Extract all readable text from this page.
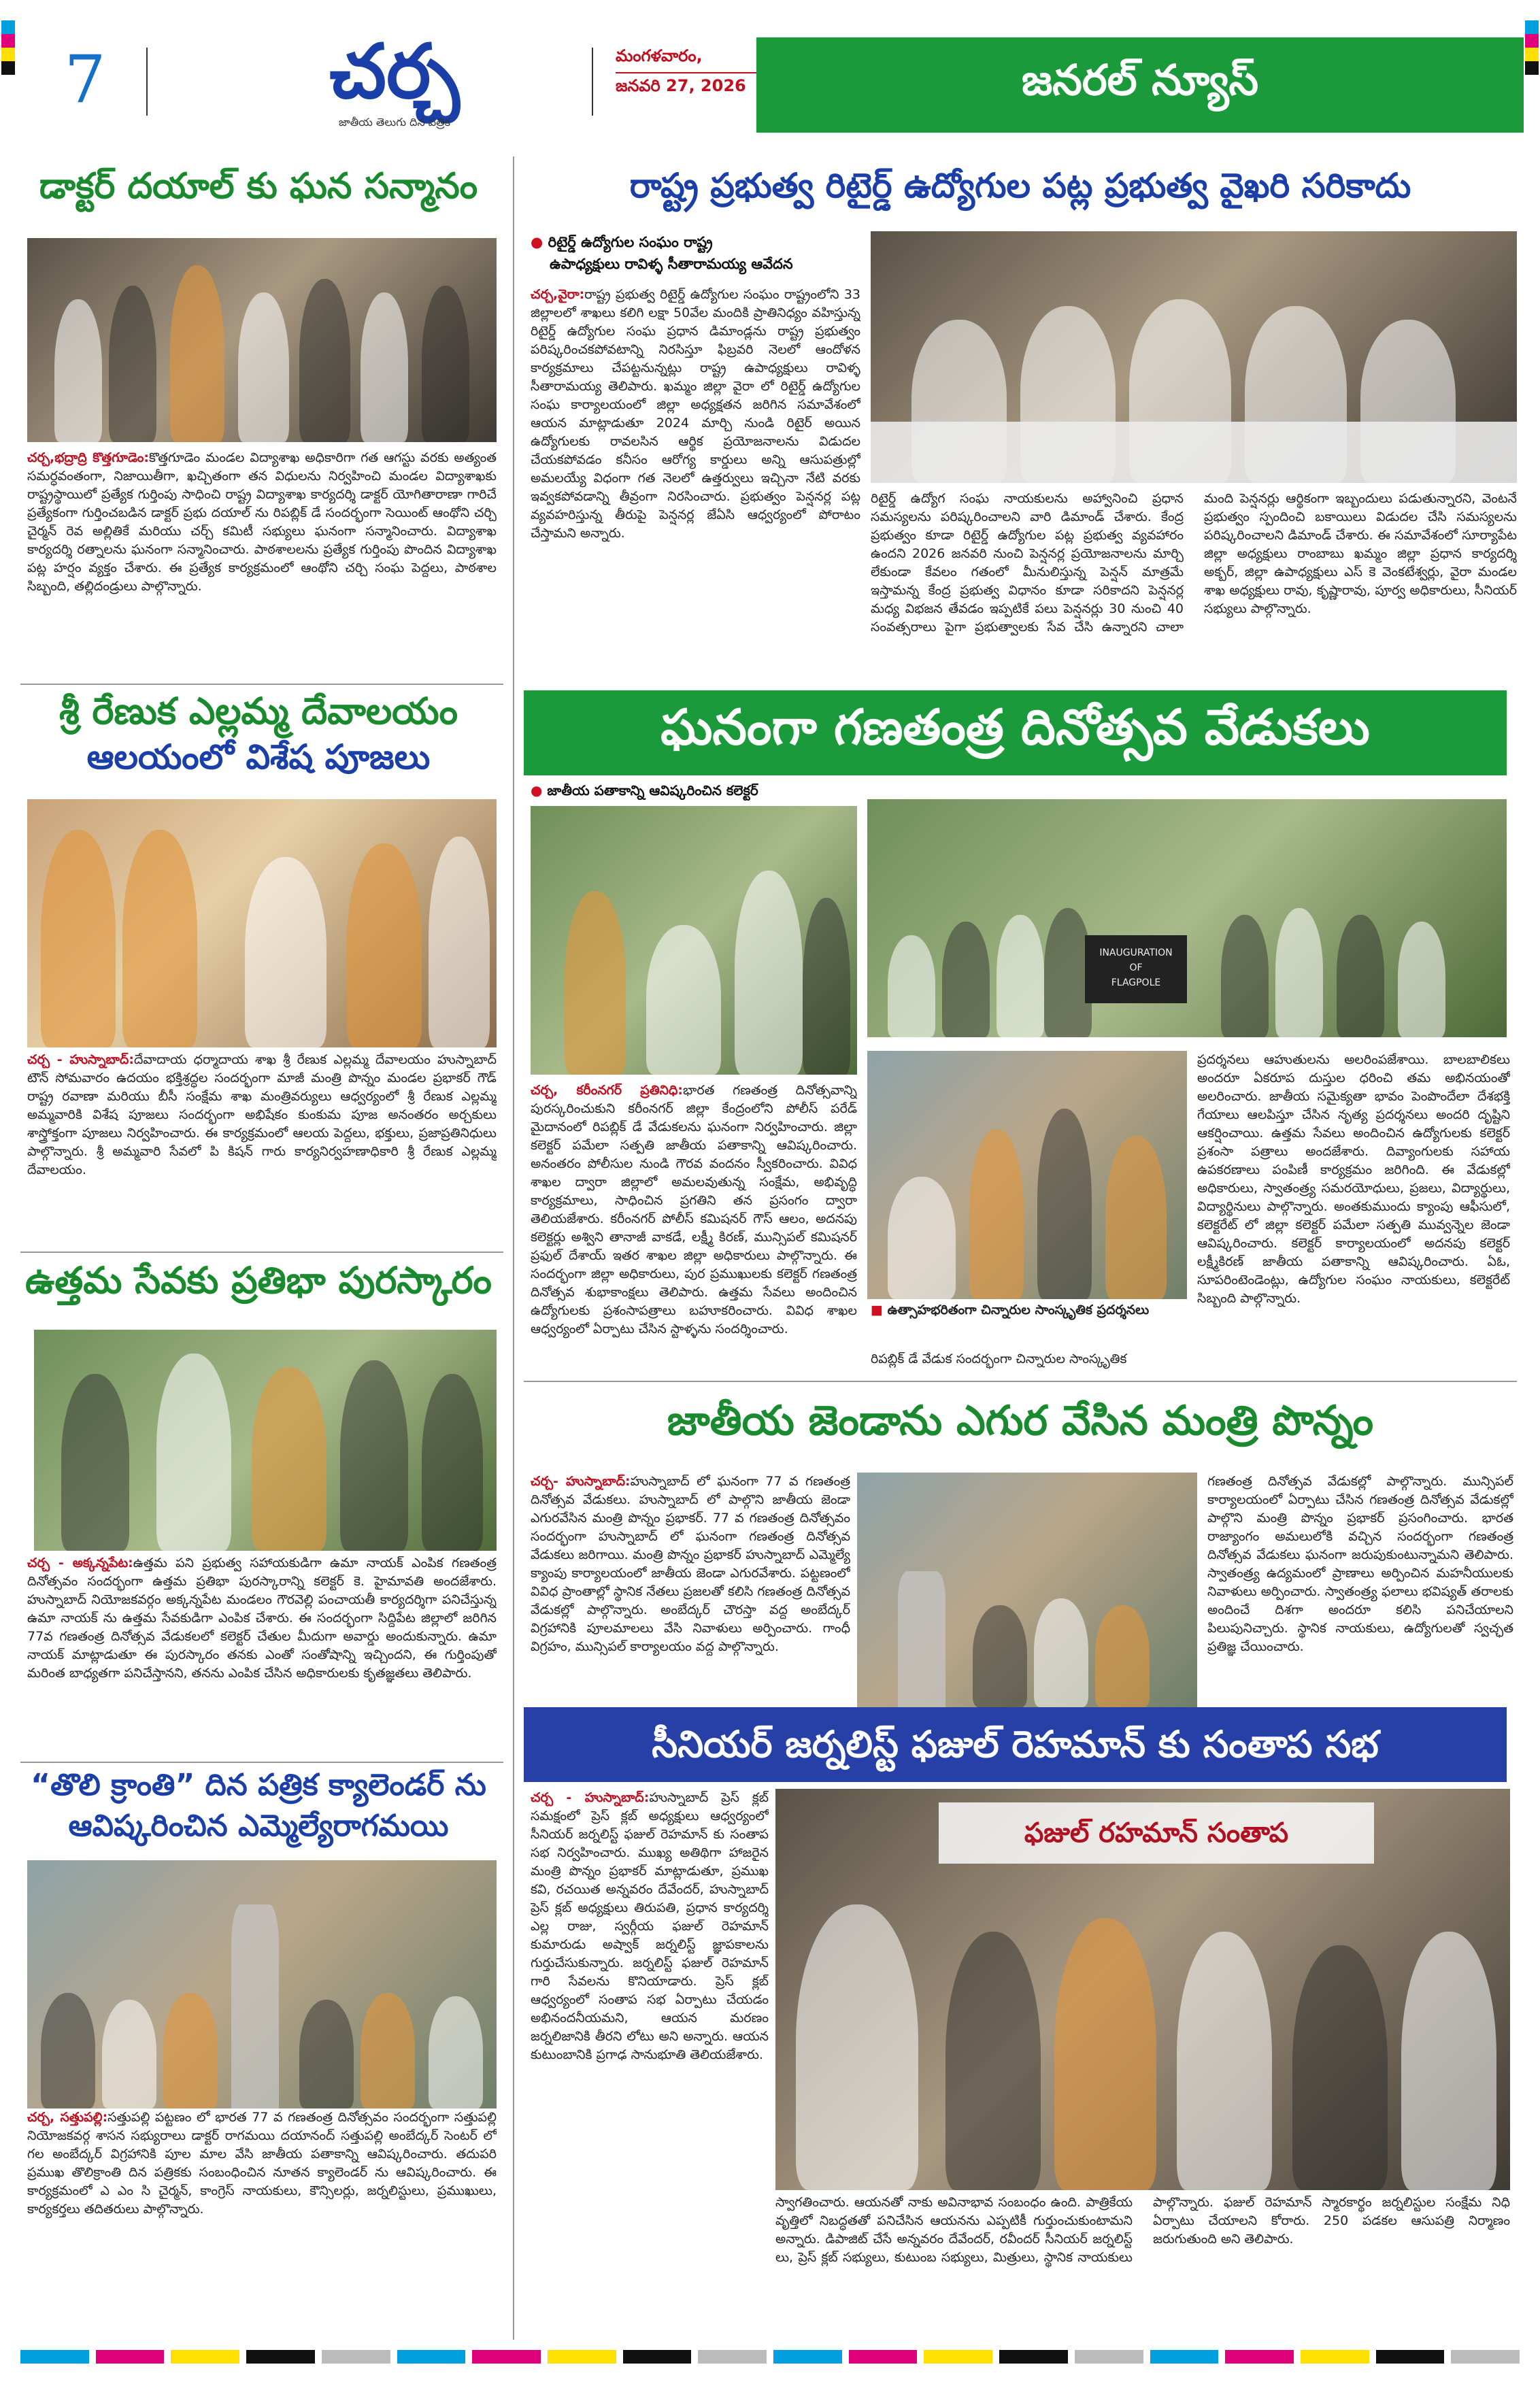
7	చర్చ
జాతీయ తెలుగు దిన పత్రిక
మంగళవారం,
జనవరి 27, 2026	జనరల్ న్యూస్
డాక్టర్ దయాల్ కు ఘన సన్మానం
చర్చ,భద్రాద్రి కొత్తగూడెం:కొత్తగూడెం మండల విద్యాశాఖ అధికారిగా గత ఆగస్టు వరకు అత్యంత సమర్ధవంతంగా, నిజాయితీగా, ఖచ్చితంగా తన విధులను నిర్వహించి మండల విద్యాశాఖకు రాష్ట్రస్థాయిలో ప్రత్యేక గుర్తింపు సాధించి రాష్ట్ర విద్యాశాఖ కార్యదర్శి డాక్టర్ యోగితారాణా గారిచే ప్రత్యేకంగా గుర్తించబడిన డాక్టర్ ప్రభు దయాల్ ను రిపబ్లిక్ డే సందర్భంగా సెయింట్ ఆంథోని చర్చి చైర్మన్ రెవ అల్లితికే మరియు చర్చ్ కమిటీ సభ్యులు ఘనంగా సన్మానించారు. విద్యాశాఖ కార్యదర్శి రత్నాలను ఘనంగా సన్మానించారు. పాఠశాలలను ప్రత్యేక గుర్తింపు పొందిన విద్యాశాఖ పట్ల హర్షం వ్యక్తం చేశారు. ఈ ప్రత్యేక కార్యక్రమంలో ఆంథోని చర్చి సంఘ పెద్దలు, పాఠశాల సిబ్బంది, తల్లిదండ్రులు పాల్గొన్నారు.
శ్రీ రేణుక ఎల్లమ్మ దేవాలయం
ఆలయంలో విశేష పూజలు
చర్చ - హుస్నాబాద్:దేవాదాయ ధర్మాదాయ శాఖ శ్రీ రేణుక ఎల్లమ్మ దేవాలయం హుస్నాబాద్ టౌన్ సోమవారం ఉదయం భక్తిశ్రద్ధల సందర్భంగా మాజీ మంత్రి పొన్నం మండల ప్రభాకర్ గౌడ్ రాష్ట్ర రవాణా మరియు బీసీ సంక్షేమ శాఖ మంత్రివర్యులు ఆధ్వర్యంలో శ్రీ రేణుక ఎల్లమ్మ అమ్మవారికి విశేష పూజలు సందర్భంగా అభిషేకం కుంకుమ పూజ అనంతరం అర్చకులు శాస్త్రోక్తంగా పూజలు నిర్వహించారు. ఈ కార్యక్రమంలో ఆలయ పెద్దలు, భక్తులు, ప్రజాప్రతినిధులు పాల్గొన్నారు. శ్రీ అమ్మవారి సేవలో పి కిషన్ గారు కార్యనిర్వహణాధికారి శ్రీ రేణుక ఎల్లమ్మ దేవాలయం.
ఉత్తమ సేవకు ప్రతిభా పురస్కారం
చర్చ - అక్కన్నపేట:ఉత్తమ పని ప్రభుత్వ సహాయకుడిగా ఉమా నాయక్ ఎంపిక గణతంత్ర దినోత్సవం సందర్భంగా ఉత్తమ ప్రతిభా పురస్కారాన్ని కలెక్టర్ కె. హైమావతి అందజేశారు. హుస్నాబాద్ నియోజకవర్గం అక్కన్నపేట మండలం గౌరవెల్లి పంచాయతీ కార్యదర్శిగా పనిచేస్తున్న ఉమా నాయక్ ను ఉత్తమ సేవకుడిగా ఎంపిక చేశారు. ఈ సందర్భంగా సిద్దిపేట జిల్లాలో జరిగిన 77వ గణతంత్ర దినోత్సవ వేడుకలలో కలెక్టర్ చేతుల మీదుగా అవార్డు అందుకున్నారు. ఉమా నాయక్ మాట్లాడుతూ ఈ పురస్కారం తనకు ఎంతో సంతోషాన్ని ఇచ్చిందని, ఈ గుర్తింపుతో మరింత బాధ్యతగా పనిచేస్తానని, తనను ఎంపిక చేసిన అధికారులకు కృతజ్ఞతలు తెలిపారు.
“తొలి క్రాంతి” దిన పత్రిక క్యాలెండర్ ను
ఆవిష్కరించిన ఎమ్మెల్యేరాగమయి
చర్చ, సత్తుపల్లి:సత్తుపల్లి పట్టణం లో భారత 77 వ గణతంత్ర దినోత్సవం సందర్భంగా సత్తుపల్లి నియోజకవర్గ శాసన సభ్యురాలు డాక్టర్ రాగమయి దయానంద్ సత్తుపల్లి అంబేద్కర్ సెంటర్ లో గల అంబేద్కర్ విగ్రహానికి పూల మాల వేసి జాతీయ పతాకాన్ని ఆవిష్కరించారు. తదుపరి ప్రముఖ తొలిక్రాంతి దిన పత్రికకు సంబంధించిన నూతన క్యాలెండర్ ను ఆవిష్కరించారు. ఈ కార్యక్రమంలో ఎ ఎం సి చైర్మన్, కాంగ్రెస్ నాయకులు, కౌన్సిలర్లు, జర్నలిస్టులు, ప్రముఖులు, కార్యకర్తలు తదితరులు పాల్గొన్నారు.
రాష్ట్ర ప్రభుత్వ రిటైర్డ్ ఉద్యోగుల పట్ల ప్రభుత్వ వైఖరి సరికాదు
● రిటైర్డ్ ఉద్యోగుల సంఘం రాష్ట్ర
ఉపాధ్యక్షులు రావిళ్ళ సీతారామయ్య ఆవేదన
చర్చ,వైరా:రాష్ట్ర ప్రభుత్వ రిటైర్డ్ ఉద్యోగుల సంఘం రాష్ట్రంలోని 33 జిల్లాలలో శాఖలు కలిగి లక్షా 50వేల మందికి ప్రాతినిధ్యం వహిస్తున్న రిటైర్డ్ ఉద్యోగుల సంఘ ప్రధాన డిమాండ్లను రాష్ట్ర ప్రభుత్వం పరిష్కరించకపోవటాన్ని నిరసిస్తూ ఫిబ్రవరి నెలలో ఆందోళన కార్యక్రమాలు చేపట్టనున్నట్లు రాష్ట్ర ఉపాధ్యక్షులు రావిళ్ళ సీతారామయ్య తెలిపారు. ఖమ్మం జిల్లా వైరా లో రిటైర్డ్ ఉద్యోగుల సంఘ కార్యాలయంలో జిల్లా అధ్యక్షతన జరిగిన సమావేశంలో ఆయన మాట్లాడుతూ 2024 మార్చి నుండి రిటైర్ అయిన ఉద్యోగులకు రావలసిన ఆర్థిక ప్రయోజనాలను విడుదల చేయకపోవడం కనీసం ఆరోగ్య కార్డులు అన్ని ఆసుపత్రుల్లో అమలయ్యే విధంగా గత నెలలో ఉత్తర్వులు ఇచ్చినా నేటి వరకు ఇవ్వకపోవడాన్ని తీవ్రంగా నిరసించారు. ప్రభుత్వం పెన్షనర్ల పట్ల వ్యవహరిస్తున్న తీరుపై పెన్షనర్ల జేఏసి ఆధ్వర్యంలో పోరాటం చేస్తామని అన్నారు.
రిటైర్డ్ ఉద్యోగ సంఘ నాయకులను అహ్వానించి ప్రధాన సమస్యలను పరిష్కరించాలని వారి డిమాండ్ చేశారు. కేంద్ర ప్రభుత్వం కూడా రిటైర్డ్ ఉద్యోగుల పట్ల ప్రభుత్వ వ్యవహారం ఉందని 2026 జనవరి నుంచి పెన్షనర్ల ప్రయోజనాలను మార్చి లేకుండా కేవలం గతంలో మీనులిస్తున్న పెన్షన్ మాత్రమే ఇస్తామన్న కేంద్ర ప్రభుత్వ విధానం కూడా సరికాదని పెన్షనర్ల మధ్య విభజన తేవడం ఇప్పటికే పలు పెన్షనర్లు 30 నుంచి 40 సంవత్సరాలు పైగా ప్రభుత్వాలకు సేవ చేసి ఉన్నారని చాలా మంది పెన్షనర్లు ఆర్థికంగా ఇబ్బందులు పడుతున్నారని, వెంటనే ప్రభుత్వం స్పందించి బకాయిలు విడుదల చేసి సమస్యలను పరిష్కరించాలని డిమాండ్ చేశారు. ఈ సమావేశంలో సూర్యాపేట జిల్లా అధ్యక్షులు రాంబాబు ఖమ్మం జిల్లా ప్రధాన కార్యదర్శి అక్బర్, జిల్లా ఉపాధ్యక్షులు ఎస్ కె వెంకటేశ్వర్లు, వైరా మండల శాఖ అధ్యక్షులు రావు, కృష్ణారావు, పూర్వ అధికారులు, సీనియర్ సభ్యులు పాల్గొన్నారు.
ఘనంగా గణతంత్ర దినోత్సవ వేడుకలు
● జాతీయ పతాకాన్ని ఆవిష్కరించిన కలెక్టర్
INAUGURATION
OF
FLAGPOLE
■ ఉత్సాహభరితంగా చిన్నారుల సాంస్కృతిక ప్రదర్శనలు
చర్చ, కరీంనగర్ ప్రతినిధి:భారత గణతంత్ర దినోత్సవాన్ని పురస్కరించుకుని కరీంనగర్ జిల్లా కేంద్రంలోని పోలీస్ పరేడ్ మైదానంలో రిపబ్లిక్ డే వేడుకలను ఘనంగా నిర్వహించారు. జిల్లా కలెక్టర్ పమేలా సత్పతి జాతీయ పతాకాన్ని ఆవిష్కరించారు. అనంతరం పోలీసుల నుండి గౌరవ వందనం స్వీకరించారు. వివిధ శాఖల ద్వారా జిల్లాలో అమలవుతున్న సంక్షేమ, అభివృద్ధి కార్యక్రమాలు, సాధించిన ప్రగతిని తన ప్రసంగం ద్వారా తెలియజేశారు. కరీంనగర్ పోలీస్ కమిషనర్ గౌస్ ఆలం, అదనపు కలెక్టర్లు అశ్విని తానాజీ వాకడే, లక్ష్మీ కిరణ్, మున్సిపల్ కమిషనర్ ప్రఫుల్ దేశాయ్ ఇతర శాఖల జిల్లా అధికారులు పాల్గొన్నారు. ఈ సందర్భంగా జిల్లా అధికారులు, పుర ప్రముఖులకు కలెక్టర్ గణతంత్ర దినోత్సవ శుభాకాంక్షలు తెలిపారు. ఉత్తమ సేవలు అందించిన ఉద్యోగులకు ప్రశంసాపత్రాలు బహూకరించారు. వివిధ శాఖల ఆధ్వర్యంలో ఏర్పాటు చేసిన స్టాళ్ళను సందర్శించారు.
రిపబ్లిక్ డే వేడుక సందర్భంగా చిన్నారుల సాంస్కృతిక
ప్రదర్శనలు ఆహుతులను అలరింపజేశాయి. బాలబాలికలు అందరూ ఏకరూప దుస్తుల ధరించి తమ అభినయంతో అలరించారు. జాతీయ సమైక్యతా భావం పెంపొందేలా దేశభక్తి గేయాలు ఆలపిస్తూ చేసిన నృత్య ప్రదర్శనలు అందరి దృష్టిని ఆకర్షించాయి. ఉత్తమ సేవలు అందించిన ఉద్యోగులకు కలెక్టర్ ప్రశంసా పత్రాలు అందజేశారు. దివ్యాంగులకు సహాయ ఉపకరణాలు పంపిణీ కార్యక్రమం జరిగింది. ఈ వేడుకల్లో అధికారులు, స్వాతంత్ర్య సమరయోధులు, ప్రజలు, విద్యార్థులు, విద్యార్థినులు పాల్గొన్నారు. అంతకుముందు క్యాంపు ఆఫీసులో, కలెక్టరేట్ లో జిల్లా కలెక్టర్ పమేలా సత్పతి మువ్వన్నెల జెండా ఆవిష్కరించారు. కలెక్టర్ కార్యాలయంలో అదనపు కలెక్టర్ లక్ష్మీకిరణ్ జాతీయ పతాకాన్ని ఆవిష్కరించారు. ఏఓ, సూపరింటెండెంట్లు, ఉద్యోగుల సంఘం నాయకులు, కలెక్టరేట్ సిబ్బంది పాల్గొన్నారు.
జాతీయ జెండాను ఎగుర వేసిన మంత్రి పొన్నం
చర్చ- హుస్నాబాద్:హుస్నాబాద్ లో ఘనంగా 77 వ గణతంత్ర దినోత్సవ వేడుకలు. హుస్నాబాద్ లో పాల్గొని జాతీయ జెండా ఎగురవేసిన మంత్రి పొన్నం ప్రభాకర్. 77 వ గణతంత్ర దినోత్సవం సందర్భంగా హుస్నాబాద్ లో ఘనంగా గణతంత్ర దినోత్సవ వేడుకలు జరిగాయి. మంత్రి పొన్నం ప్రభాకర్ హుస్నాబాద్ ఎమ్మెల్యే క్యాంపు కార్యాలయంలో జాతీయ జెండా ఎగురవేశారు. పట్టణంలో వివిధ ప్రాంతాల్లో స్థానిక నేతలు ప్రజలతో కలిసి గణతంత్ర దినోత్సవ వేడుకల్లో పాల్గొన్నారు. అంబేద్కర్ చౌరస్తా వద్ద అంబేద్కర్ విగ్రహానికి పూలమాలలు వేసి నివాళులు అర్పించారు. గాంధీ విగ్రహం, మున్సిపల్ కార్యాలయం వద్ద పాల్గొన్నారు.
గణతంత్ర దినోత్సవ వేడుకల్లో పాల్గొన్నారు. మున్సిపల్ కార్యాలయంలో ఏర్పాటు చేసిన గణతంత్ర దినోత్సవ వేడుకల్లో పాల్గొని మంత్రి పొన్నం ప్రభాకర్ ప్రసంగించారు. భారత రాజ్యాంగం అమలులోకి వచ్చిన సందర్భంగా గణతంత్ర దినోత్సవ వేడుకలు ఘనంగా జరుపుకుంటున్నామని తెలిపారు. స్వాతంత్ర్య ఉద్యమంలో ప్రాణాలు అర్పించిన మహనీయులకు నివాళులు అర్పించారు. స్వాతంత్ర్య ఫలాలు భవిష్యత్ తరాలకు అందించే దిశగా అందరూ కలిసి పనిచేయాలని పిలుపునిచ్చారు. స్థానిక నాయకులు, ఉద్యోగులతో స్వచ్ఛత ప్రతిజ్ఞ చేయించారు.
సీనియర్ జర్నలిస్ట్ ఫజుల్ రెహమాన్ కు సంతాప సభ
చర్చ - హుస్నాబాద్:హుస్నాబాద్ ప్రెస్ క్లబ్ సమక్షంలో ప్రెస్ క్లబ్ అధ్యక్షులు ఆధ్వర్యంలో సీనియర్ జర్నలిస్ట్ ఫజుల్ రెహమాన్ కు సంతాప సభ నిర్వహించారు. ముఖ్య అతిథిగా హాజరైన మంత్రి పొన్నం ప్రభాకర్ మాట్లాడుతూ, ప్రముఖ కవి, రచయిత అన్నవరం దేవేందర్, హుస్నాబాద్ ప్రెస్ క్లబ్ అధ్యక్షులు తిరుపతి, ప్రధాన కార్యదర్శి ఎల్ల రాజు, స్వర్గీయ ఫజుల్ రెహమాన్ కుమారుడు అష్వాక్ జర్నలిస్ట్ జ్ఞాపకాలను గుర్తుచేసుకున్నారు. జర్నలిస్ట్ ఫజుల్ రెహమాన్ గారి సేవలను కొనియాడారు. ప్రెస్ క్లబ్ ఆధ్వర్యంలో సంతాప సభ ఏర్పాటు చేయడం అభినందనీయమని, ఆయన మరణం జర్నలిజానికి తీరని లోటు అని అన్నారు. ఆయన కుటుంబానికి ప్రగాఢ సానుభూతి తెలియజేశారు.
ఫజుల్ రహమాన్ సంతాప
స్వాగతించారు. ఆయనతో నాకు అవినాభావ సంబంధం ఉంది. పాత్రికేయ వృత్తిలో నిబద్ధతతో పనిచేసిన ఆయనను ఎప్పటికీ గుర్తుంచుకుంటామని అన్నారు. డిపాజిట్ చేసే అన్నవరం దేవేందర్, రవీందర్ సీనియర్ జర్నలిస్ట్ లు, ప్రెస్ క్లబ్ సభ్యులు, కుటుంబ సభ్యులు, మిత్రులు, స్థానిక నాయకులు పాల్గొన్నారు. ఫజుల్ రెహమాన్ స్మారకార్థం జర్నలిస్టుల సంక్షేమ నిధి ఏర్పాటు చేయాలని కోరారు. 250 పడకల ఆసుపత్రి నిర్మాణం జరుగుతుంది అని తెలిపారు.
